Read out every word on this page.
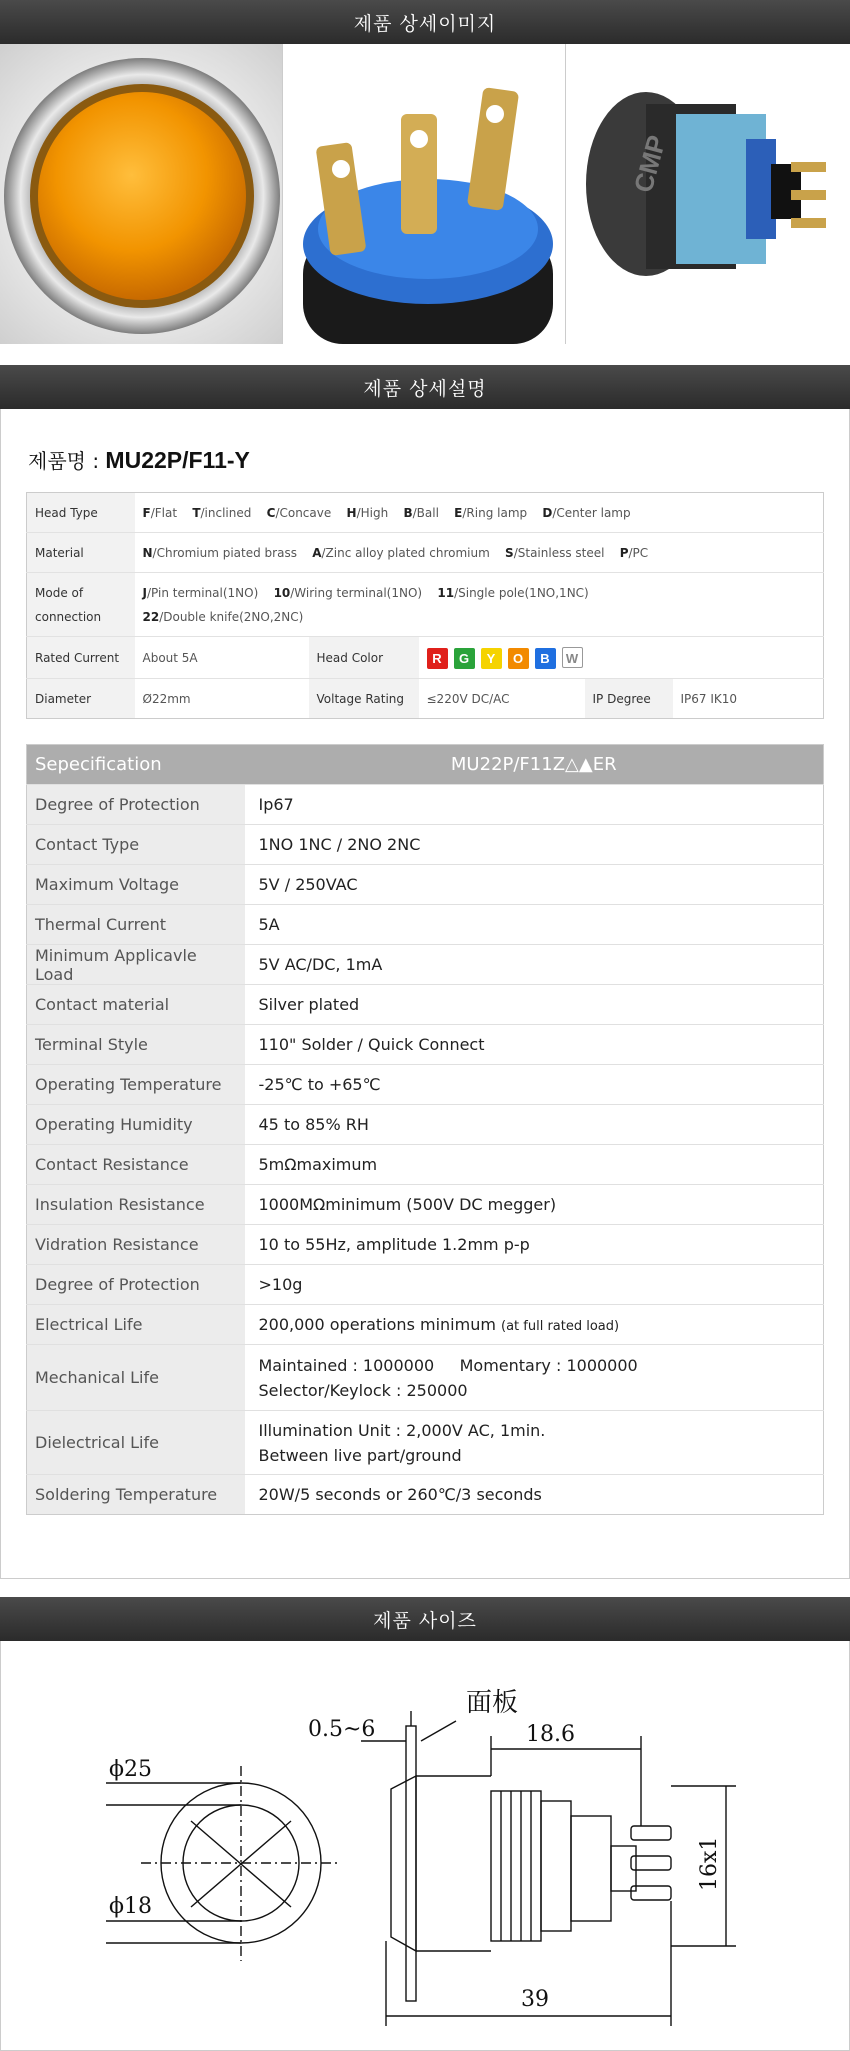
제품 상세이미지
CMP
제품 상세설명
제품명 : MU22P/F11-Y
Head Type	F/Flat T/inclined C/Concave H/High B/Ball E/Ring lamp D/Center lamp				
Material	N/Chromium piated brass A/Zinc alloy plated chromium S/Stainless steel P/PC				
Mode of
connection	J/Pin terminal(1NO) 10/Wiring terminal(1NO) 11/Single pole(1NO,1NC)
22/Double knife(2NO,2NC)				
Rated Current	About 5A	Head Color	R G Y O B W		
Diameter	Ø22mm	Voltage Rating	≤220V DC/AC	IP Degree	IP67 IK10
Sepecification	MU22P/F11Z△▲ER
Degree of Protection	Ip67
Contact Type	1NO 1NC / 2NO 2NC
Maximum Voltage	5V / 250VAC
Thermal Current	5A
Minimum Applicavle Load	5V AC/DC, 1mA
Contact material	Silver plated
Terminal Style	110" Solder / Quick Connect
Operating Temperature	-25℃ to +65℃
Operating Humidity	45 to 85% RH
Contact Resistance	5mΩmaximum
Insulation Resistance	1000MΩminimum (500V DC megger)
Vidration Resistance	10 to 55Hz, amplitude 1.2mm p-p
Degree of Protection	>10g
Electrical Life	200,000 operations minimum (at full rated load)
Mechanical Life	Maintained : 1000000     Momentary : 1000000
Selector/Keylock : 250000
Dielectrical Life	Illumination Unit : 2,000V AC, 1min.
Between live part/ground
Soldering Temperature	20W/5 seconds or 260℃/3 seconds
제품 사이즈
ϕ25
ϕ18
0.5~6
面板
18.6
39
16x1
